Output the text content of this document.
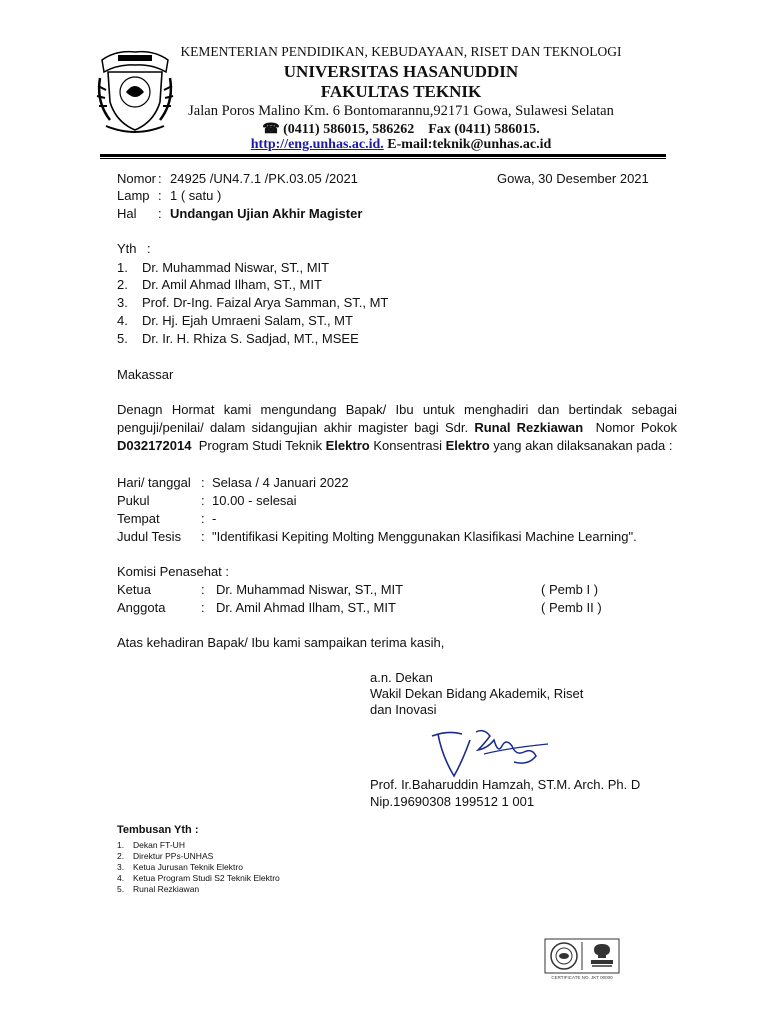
KEMENTERIAN PENDIDIKAN, KEBUDAYAAN, RISET DAN TEKNOLOGI
UNIVERSITAS HASANUDDIN
FAKULTAS TEKNIK
Jalan Poros Malino Km. 6 Bontomarannu,92171 Gowa, Sulawesi Selatan
☎ (0411) 586015, 586262    Fax (0411) 586015.
http://eng.unhas.ac.id. E-mail:teknik@unhas.ac.id
Nomor : 24925 /UN4.7.1 /PK.03.05 /2021	Gowa, 30 Desember 2021
Lamp : 1 ( satu )
Hal	: Undangan Ujian Akhir Magister
Yth :
1. Dr. Muhammad Niswar, ST., MIT
2. Dr. Amil Ahmad Ilham, ST., MIT
3. Prof. Dr-Ing. Faizal Arya Samman, ST., MT
4. Dr. Hj. Ejah Umraeni Salam, ST., MT
5. Dr. Ir. H. Rhiza S. Sadjad, MT., MSEE
Makassar
Denagn Hormat kami mengundang Bapak/ Ibu untuk menghadiri dan bertindak sebagai
penguji/penilai/ dalam sidangujian akhir magister bagi Sdr. Runal Rezkiawan  Nomor Pokok
D032172014  Program Studi Teknik Elektro Konsentrasi Elektro yang akan dilaksanakan pada :
Hari/ tanggal : Selasa / 4 Januari 2022
Pukul	: 10.00 - selesai
Tempat	: -
Judul Tesis : "Identifikasi Kepiting Molting Menggunakan Klasifikasi Machine Learning".
Komisi Penasehat :
Ketua	: Dr. Muhammad Niswar, ST., MIT	( Pemb I )
Anggota	: Dr. Amil Ahmad Ilham, ST., MIT	( Pemb II )
Atas kehadiran Bapak/ Ibu kami sampaikan terima kasih,
a.n. Dekan
Wakil Dekan Bidang Akademik, Riset
dan Inovasi
Prof. Ir.Baharuddin Hamzah, ST.M. Arch. Ph. D
Nip.19690308 199512 1 001
Tembusan Yth :
1. Dekan FT-UH
2. Direktur PPs-UNHAS
3. Ketua Jurusan Teknik Elektro
4. Ketua Program Studi S2 Teknik Elektro
5. Runal Rezkiawan
CERTIFICATE NO. JKT 00000
